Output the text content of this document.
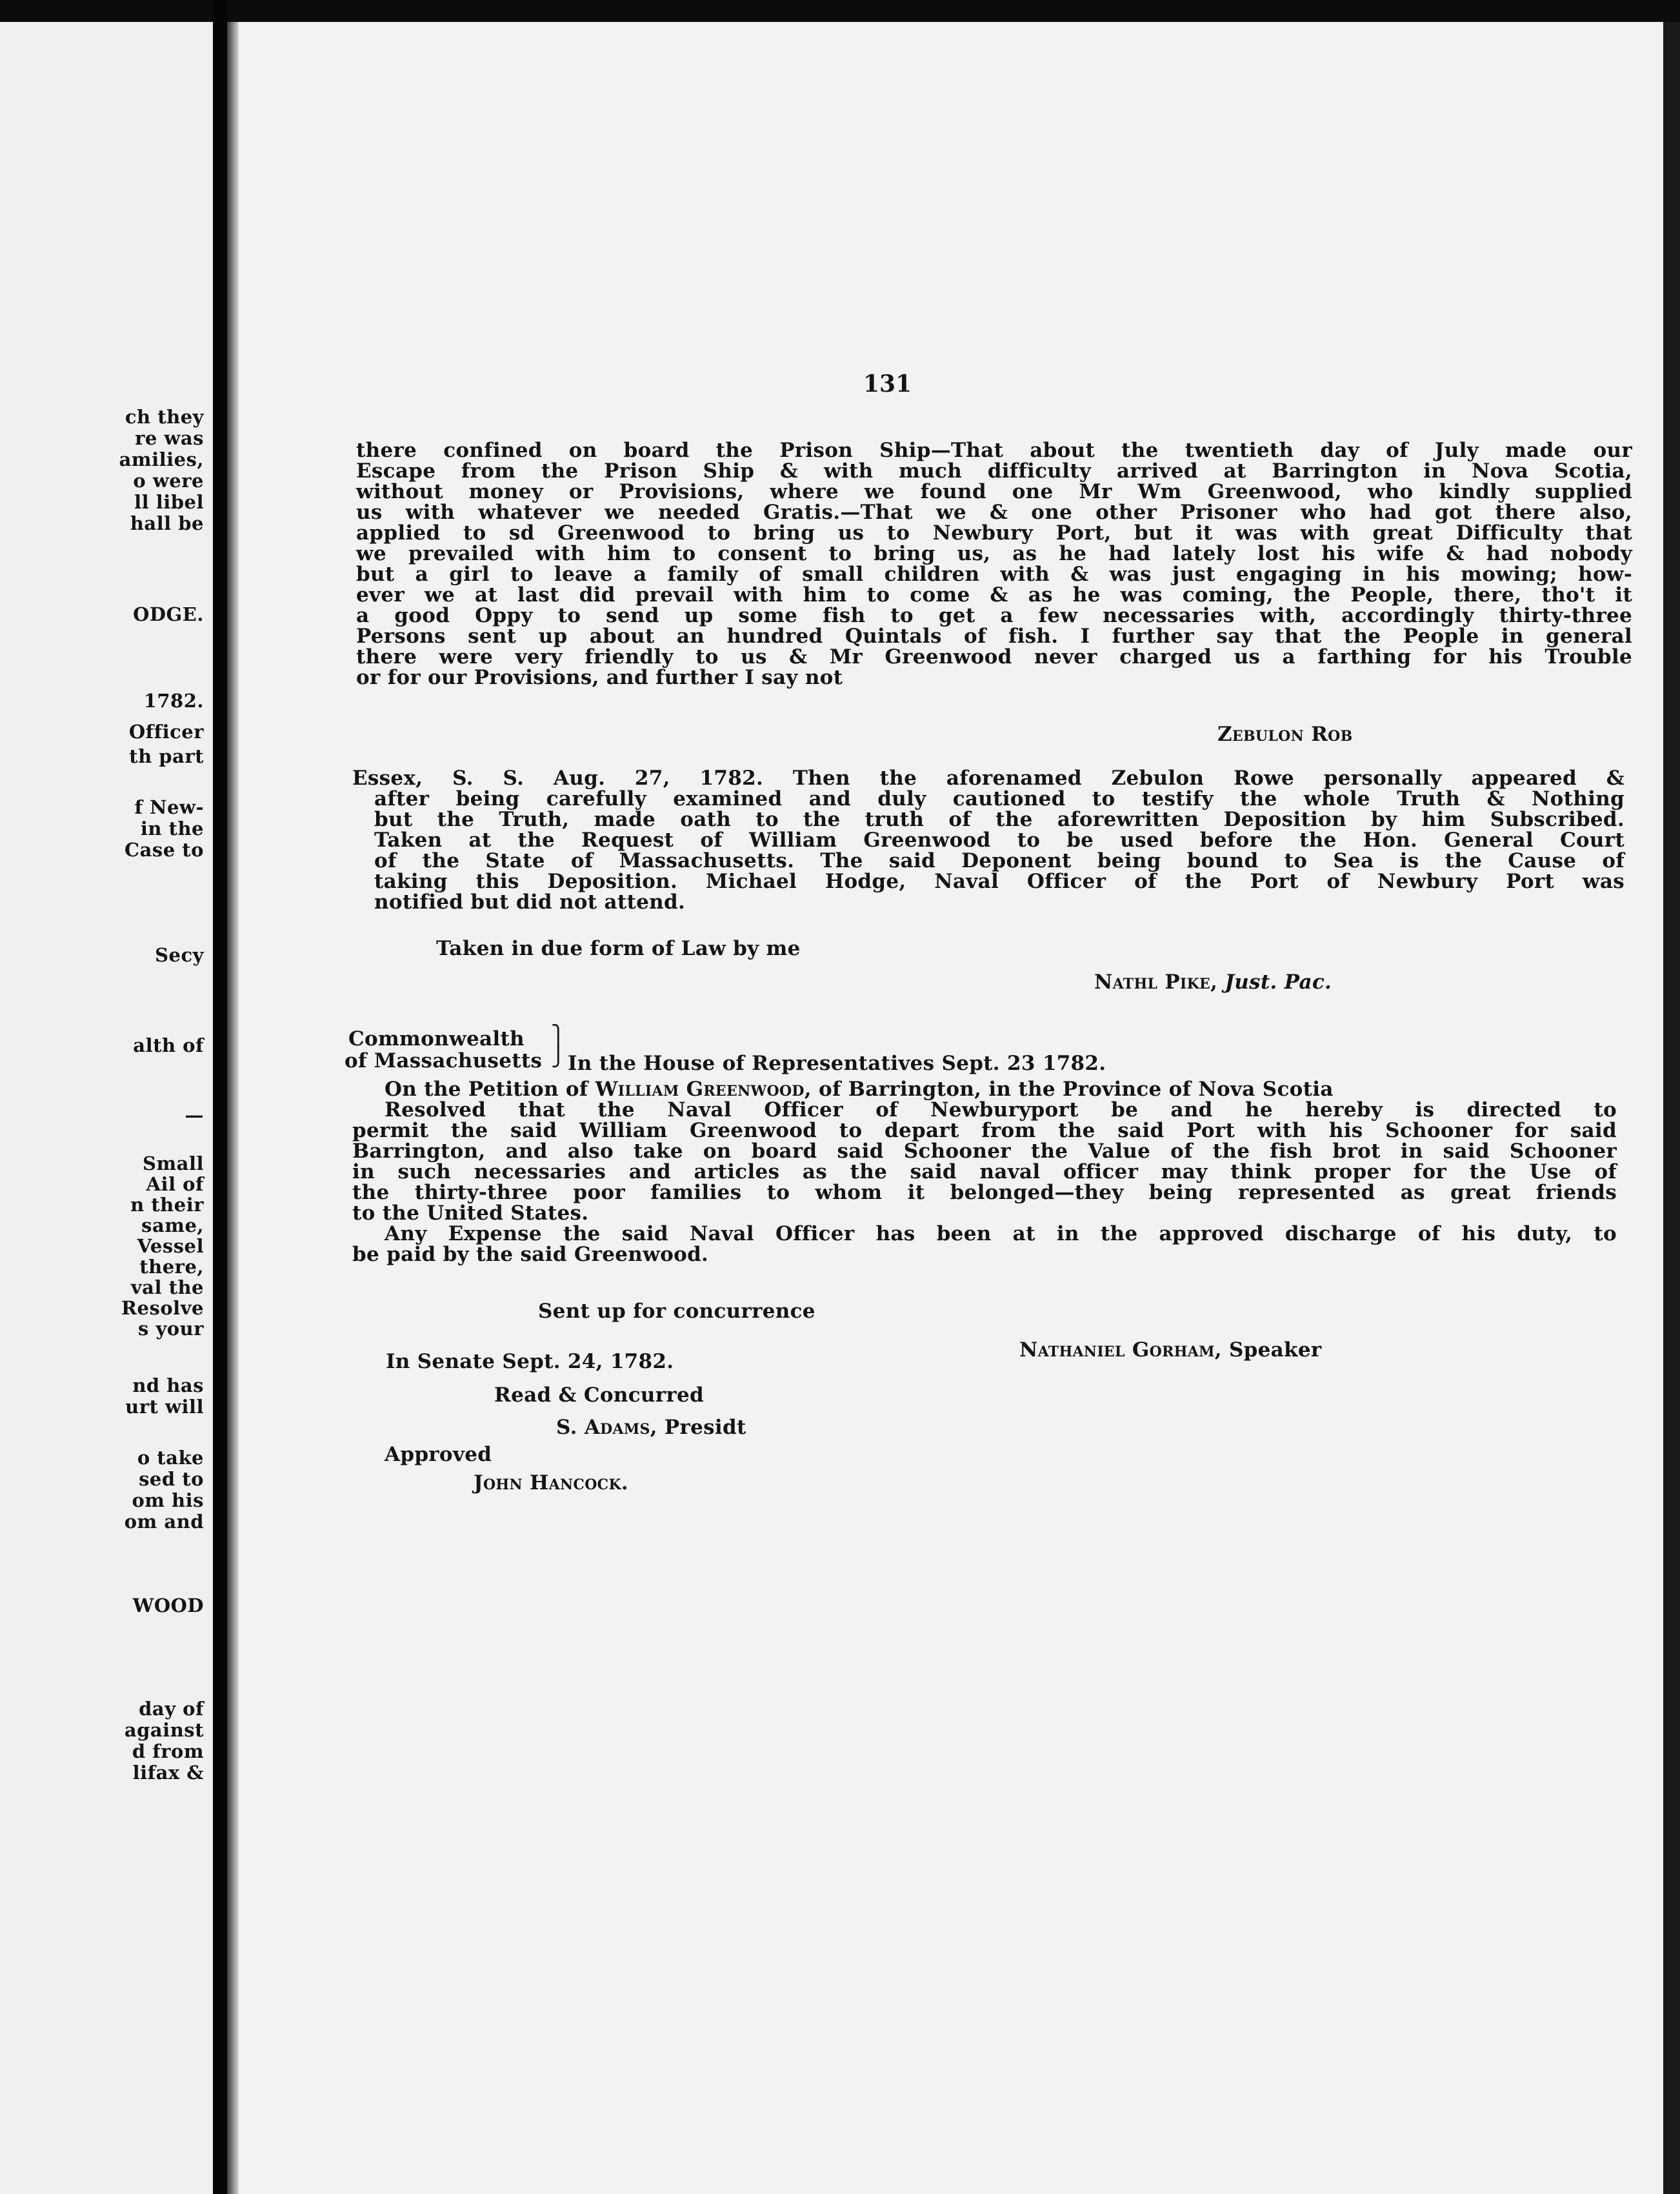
ch they
re was
amilies,
o were
ll libel
hall be
ODGE.
1782.
Officer
th part
f New-
in the
Case to
Secy
alth of
—
Small
Ail of
n their
same,
Vessel
there,
val the
Resolve
s your
nd has
urt will
o take
sed to
om his
om and
WOOD
day of
against
d from
lifax &
131
there confined on board the Prison Ship—That about the twentieth day of July made our
Escape from the Prison Ship & with much difficulty arrived at Barrington in Nova Scotia,
without money or Provisions, where we found one Mr Wm Greenwood, who kindly supplied
us with whatever we needed Gratis.—That we & one other Prisoner who had got there also,
applied to sd Greenwood to bring us to Newbury Port, but it was with great Difficulty that
we prevailed with him to consent to bring us, as he had lately lost his wife & had nobody
but a girl to leave a family of small children with & was just engaging in his mowing; how-
ever we at last did prevail with him to come & as he was coming, the People, there, tho't it
a good Oppy to send up some fish to get a few necessaries with, accordingly thirty-three
Persons sent up about an hundred Quintals of fish. I further say that the People in general
there were very friendly to us & Mr Greenwood never charged us a farthing for his Trouble
or for our Provisions, and further I say not
Zebulon Rob
Essex, S. S. Aug. 27, 1782. Then the aforenamed Zebulon Rowe personally appeared &
after being carefully examined and duly cautioned to testify the whole Truth & Nothing
but the Truth, made oath to the truth of the aforewritten Deposition by him Subscribed.
Taken at the Request of William Greenwood to be used before the Hon. General Court
of the State of Massachusetts. The said Deponent being bound to Sea is the Cause of
taking this Deposition. Michael Hodge, Naval Officer of the Port of Newbury Port was
notified but did not attend.
Taken in due form of Law by me
Nathl Pike, Just. Pac.
Commonwealth
of Massachusetts
⎫
⎭ In the House of Representatives Sept. 23 1782.
On the Petition of William Greenwood, of Barrington, in the Province of Nova Scotia
Resolved that the Naval Officer of Newburyport be and he hereby is directed to
permit the said William Greenwood to depart from the said Port with his Schooner for said
Barrington, and also take on board said Schooner the Value of the fish brot in said Schooner
in such necessaries and articles as the said naval officer may think proper for the Use of
the thirty-three poor families to whom it belonged—they being represented as great friends
to the United States.
Any Expense the said Naval Officer has been at in the approved discharge of his duty, to
be paid by the said Greenwood.
Sent up for concurrence
Nathaniel Gorham, Speaker
In Senate Sept. 24, 1782.
Read & Concurred
S. Adams, Presidt
Approved
John Hancock.
